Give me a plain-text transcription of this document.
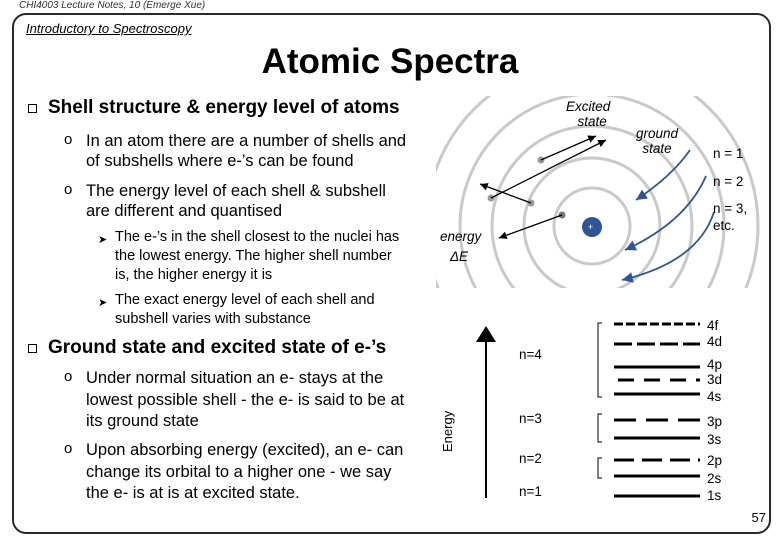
CHI4003 Lecture Notes, 10 (Emerge Xue)
Introductory to Spectroscopy
Atomic Spectra
Shell structure & energy level of atoms
o In an atom there are a number of shells and
of subshells where e-’s can be found
o The energy level of each shell & subshell
are different and quantised
➤ The e-’s in the shell closest to the nuclei has
the lowest energy. The higher shell number
is, the higher energy it is
➤ The exact energy level of each shell and
subshell varies with substance
Ground state and excited state of e-’s
o Under normal situation an e- stays at the
lowest possible shell - the e- is said to be at
its ground state
o Upon absorbing energy (excited), an e- can
change its orbital to a higher one - we say
the e- is at is at excited state.
+
Excited
state
ground
state	n = 1
n = 2
n = 3,
etc.
energy
ΔE
Energy
n=4
n=3
n=2
n=1
4f
4d
4p
3d
4s
3p
3s
2p
2s
1s
57
